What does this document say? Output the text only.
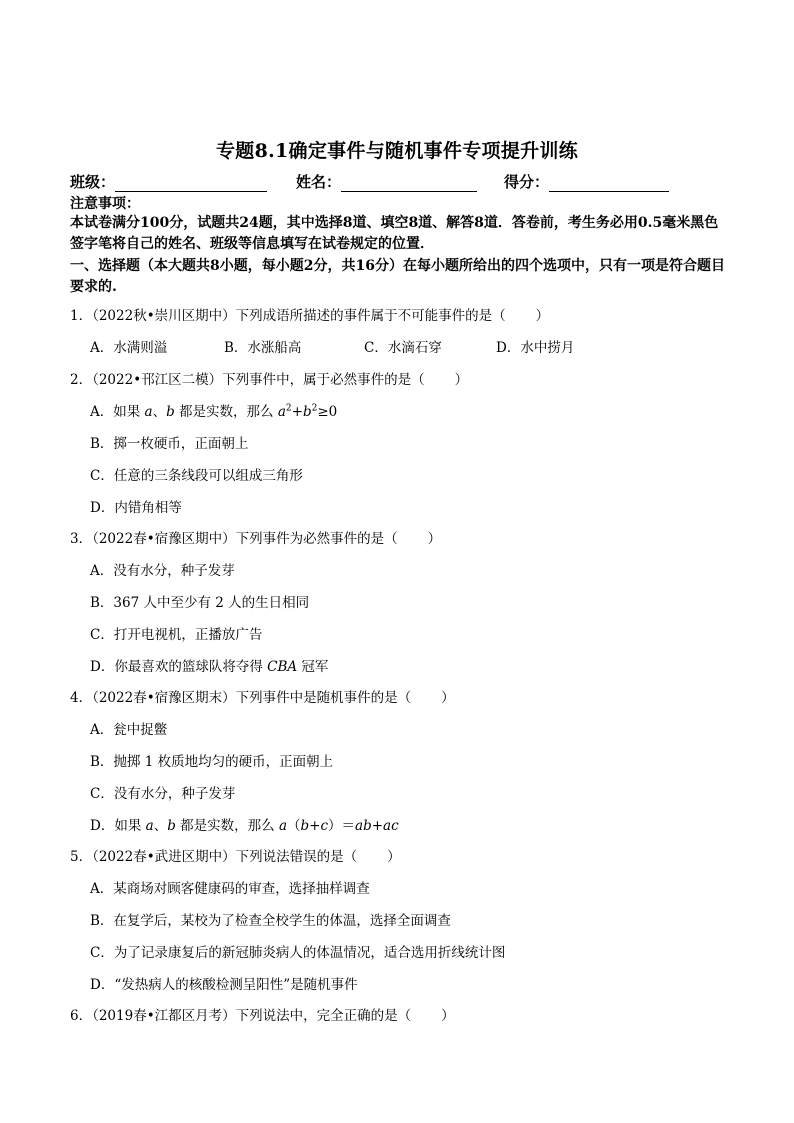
专题8.1确定事件与随机事件专项提升训练
班级：	姓名：	得分：
注意事项：
本试卷满分100分，试题共24题，其中选择8道、填空8道、解答8道．答卷前，考生务必用0.5毫米黑色签字笔将自己的姓名、班级等信息填写在试卷规定的位置．
一、选择题（本大题共8小题，每小题2分，共16分）在每小题所给出的四个选项中，只有一项是符合题目要求的.
1．（2022秋•崇川区期中）下列成语所描述的事件属于不可能事件的是（ ）
A．水满则溢	B．水涨船高	C．水滴石穿	D．水中捞月
2．（2022•邗江区二模）下列事件中，属于必然事件的是（ ）
A．如果 a、b 都是实数，那么 $a^2+b^2\ge 0$
B．掷一枚硬币，正面朝上
C．任意的三条线段可以组成三角形
D．内错角相等
3．（2022春•宿豫区期中）下列事件为必然事件的是（ ）
A．没有水分，种子发芽
B．367 人中至少有 2 人的生日相同
C．打开电视机，正播放广告
D．你最喜欢的篮球队将夺得 CBA 冠军
4．（2022春•宿豫区期末）下列事件中是随机事件的是（ ）
A．瓮中捉鳖
B．抛掷 1 枚质地均匀的硬币，正面朝上
C．没有水分，种子发芽
D．如果 a、b 都是实数，那么 a（b+c）＝ab+ac
5．（2022春•武进区期中）下列说法错误的是（ ）
A．某商场对顾客健康码的审查，选择抽样调查
B．在复学后，某校为了检查全校学生的体温，选择全面调查
C．为了记录康复后的新冠肺炎病人的体温情况，适合选用折线统计图
D．“发热病人的核酸检测呈阳性”是随机事件
6．（2019春•江都区月考）下列说法中，完全正确的是（ ）
